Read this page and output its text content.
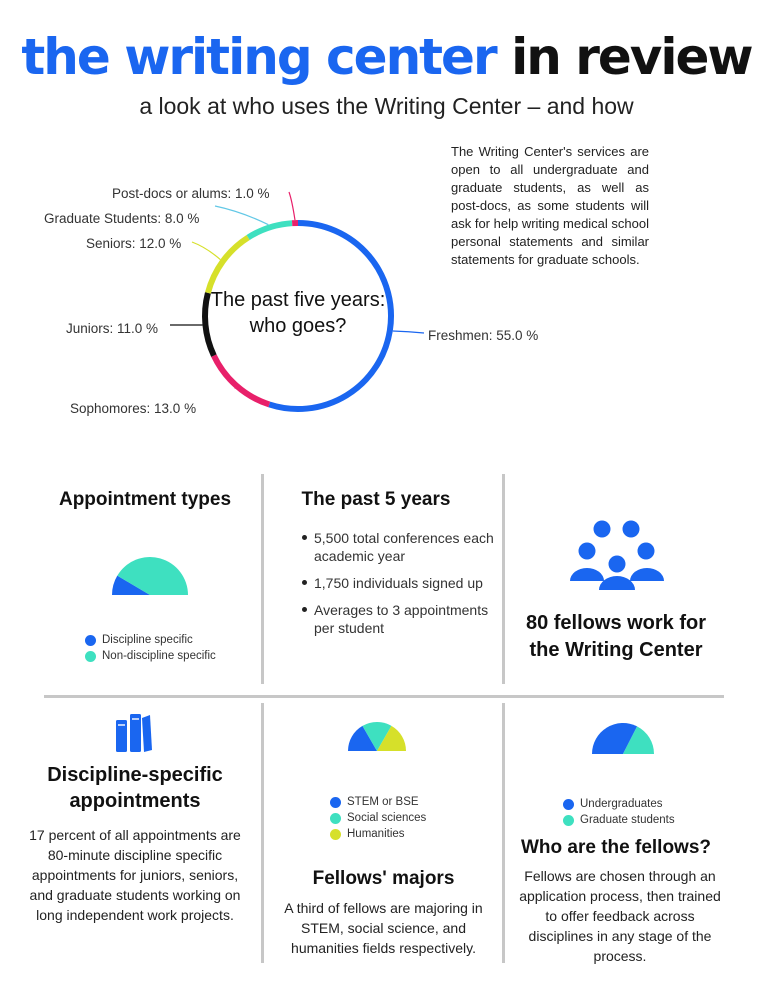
the writing center in review
a look at who uses the Writing Center – and how
The Writing Center's services are open to all undergraduate and graduate students, as well as post-docs, as some students will ask for help writing medical school personal statements and similar statements for graduate schools.
The past five years: who goes?
Post-docs or alums: 1.0 %
Graduate Students: 8.0 %
Seniors: 12.0 %
Juniors: 11.0 %	Freshmen: 55.0 %
Sophomores: 13.0 %
Appointment types
Discipline specific
Non-discipline specific
The past 5 years
5,500 total conferences each academic year
1,750 individuals signed up
Averages to 3 appointments per student	80 fellows work for the Writing Center
Discipline-specific appointments
17 percent of all appointments are 80-minute discipline specific appointments for juniors, seniors, and graduate students working on long independent work projects.
STEM or BSE
Social sciences
Humanities
Fellows' majors
A third of fellows are majoring in STEM, social science, and humanities fields respectively.
Undergraduates
Graduate students
Who are the fellows?
Fellows are chosen through an application process, then trained to offer feedback across disciplines in any stage of the process.
